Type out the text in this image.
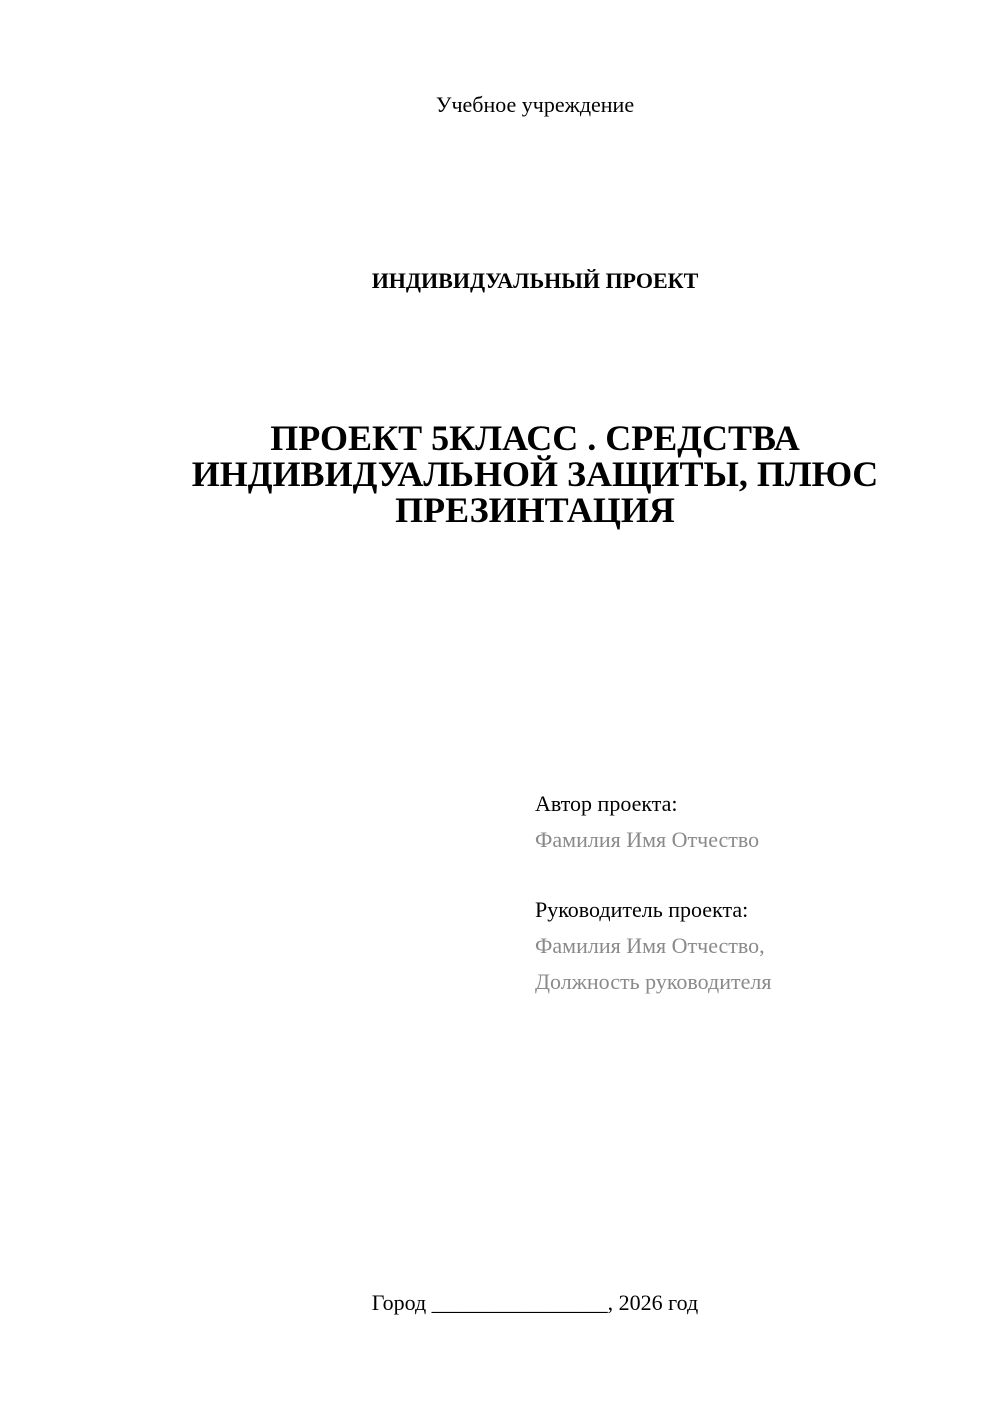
Учебное учреждение
ИНДИВИДУАЛЬНЫЙ ПРОЕКТ
ПРОЕКТ 5КЛАСС . СРЕДСТВА
ИНДИВИДУАЛЬНОЙ ЗАЩИТЫ, ПЛЮС
ПРЕЗИНТАЦИЯ
Автор проекта:
Фамилия Имя Отчество
Руководитель проекта:
Фамилия Имя Отчество,
Должность руководителя
Город ________________, 2026 год
